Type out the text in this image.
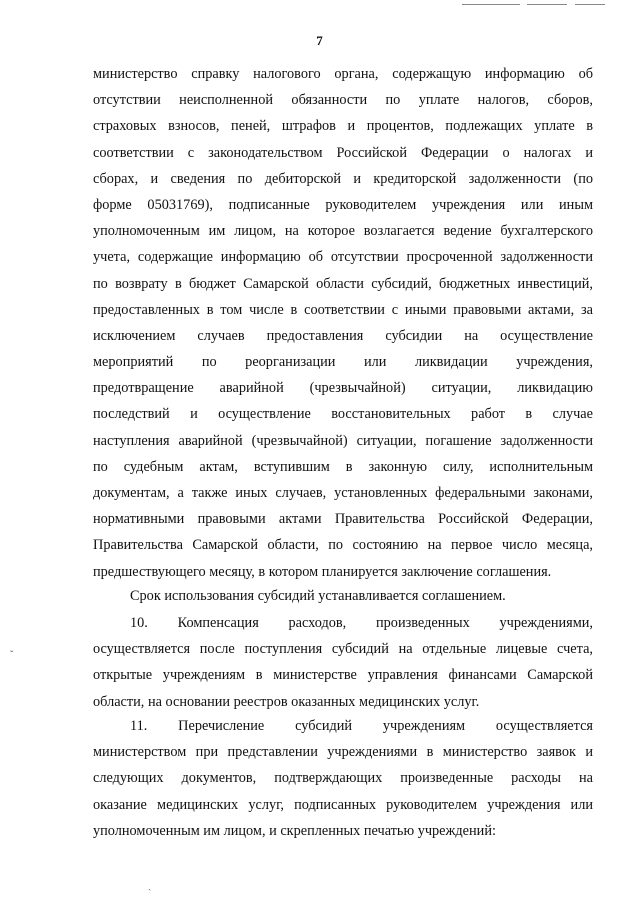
7
министерство справку налогового органа, содержащую информацию об
отсутствии неисполненной обязанности по уплате налогов, сборов,
страховых взносов, пеней, штрафов и процентов, подлежащих уплате в
соответствии с законодательством Российской Федерации о налогах и
сборах, и сведения по дебиторской и кредиторской задолженности (по
форме 05031769), подписанные руководителем учреждения или иным
уполномоченным им лицом, на которое возлагается ведение бухгалтерского
учета, содержащие информацию об отсутствии просроченной задолженности
по возврату в бюджет Самарской области субсидий, бюджетных инвестиций,
предоставленных в том числе в соответствии с иными правовыми актами, за
исключением случаев предоставления субсидии на осуществление
мероприятий по реорганизации или ликвидации учреждения,
предотвращение аварийной (чрезвычайной) ситуации, ликвидацию
последствий и осуществление восстановительных работ в случае
наступления аварийной (чрезвычайной) ситуации, погашение задолженности
по судебным актам, вступившим в законную силу, исполнительным
документам, а также иных случаев, установленных федеральными законами,
нормативными правовыми актами Правительства Российской Федерации,
Правительства Самарской области, по состоянию на первое число месяца,
предшествующего месяцу, в котором планируется заключение соглашения.
Срок использования субсидий устанавливается соглашением.
10. Компенсация расходов, произведенных учреждениями,
осуществляется после поступления субсидий на отдельные лицевые счета,
открытые учреждениям в министерстве управления финансами Самарской
области, на основании реестров оказанных медицинских услуг.
11. Перечисление субсидий учреждениям осуществляется
министерством при представлении учреждениями в министерство заявок и
следующих документов, подтверждающих произведенные расходы на
оказание медицинских услуг, подписанных руководителем учреждения или
уполномоченным им лицом, и скрепленных печатью учреждений:
ˇ
ˎ
